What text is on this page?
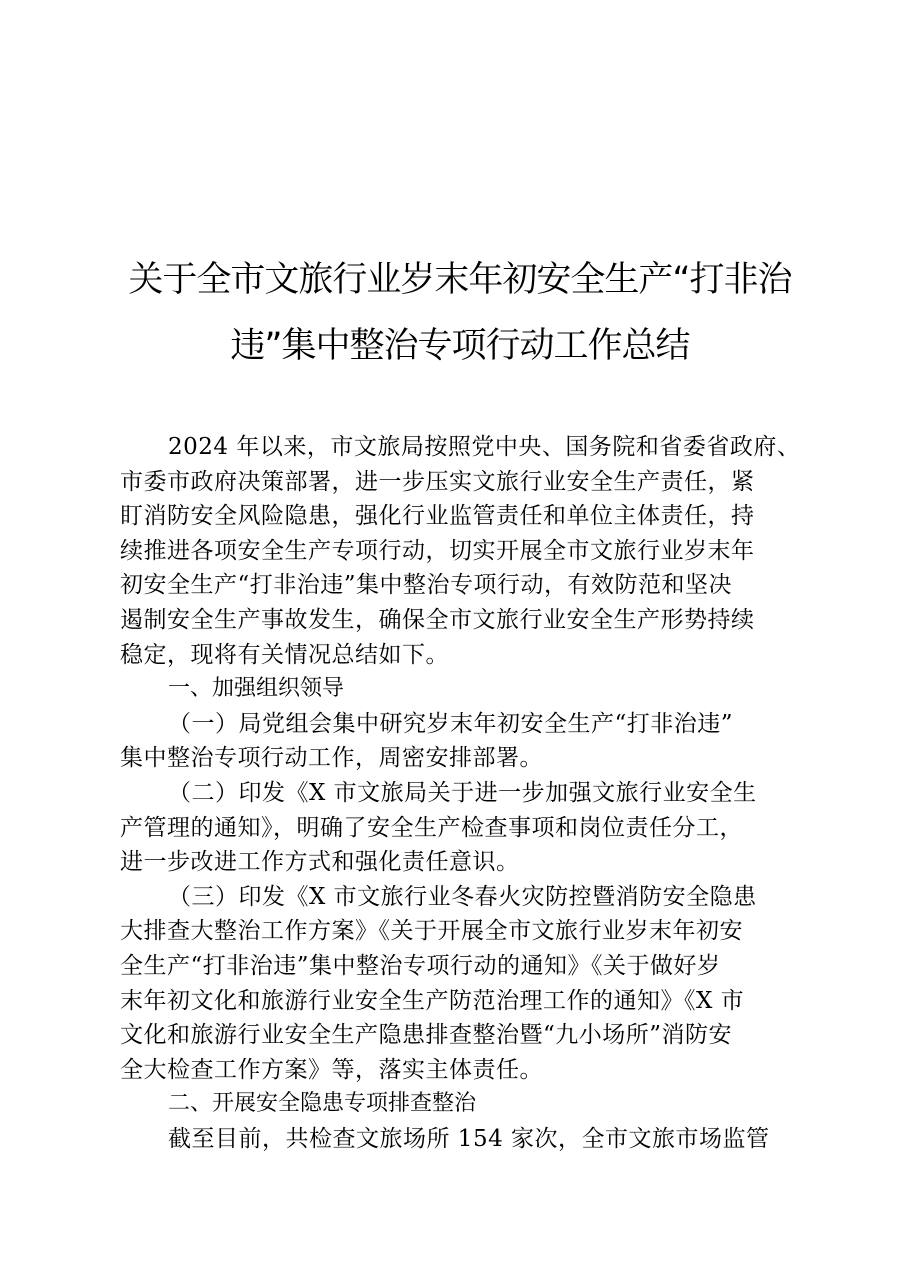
关于全市文旅行业岁末年初安全生产“打非治
违”集中整治专项行动工作总结

2024 年以来，市文旅局按照党中央、国务院和省委省政府、
市委市政府决策部署，进一步压实文旅行业安全生产责任，紧
盯消防安全风险隐患，强化行业监管责任和单位主体责任，持
续推进各项安全生产专项行动，切实开展全市文旅行业岁末年
初安全生产“打非治违”集中整治专项行动，有效防范和坚决
遏制安全生产事故发生，确保全市文旅行业安全生产形势持续
稳定，现将有关情况总结如下。

一、加强组织领导

（一）局党组会集中研究岁末年初安全生产“打非治违”
集中整治专项行动工作，周密安排部署。

（二）印发《X 市文旅局关于进一步加强文旅行业安全生
产管理的通知》，明确了安全生产检查事项和岗位责任分工，
进一步改进工作方式和强化责任意识。

（三）印发《X 市文旅行业冬春火灾防控暨消防安全隐患
大排查大整治工作方案》《关于开展全市文旅行业岁末年初安
全生产“打非治违”集中整治专项行动的通知》《关于做好岁
末年初文化和旅游行业安全生产防范治理工作的通知》《X 市
文化和旅游行业安全生产隐患排查整治暨“九小场所”消防安
全大检查工作方案》等，落实主体责任。

二、开展安全隐患专项排查整治

截至目前，共检查文旅场所 154 家次，全市文旅市场监管
